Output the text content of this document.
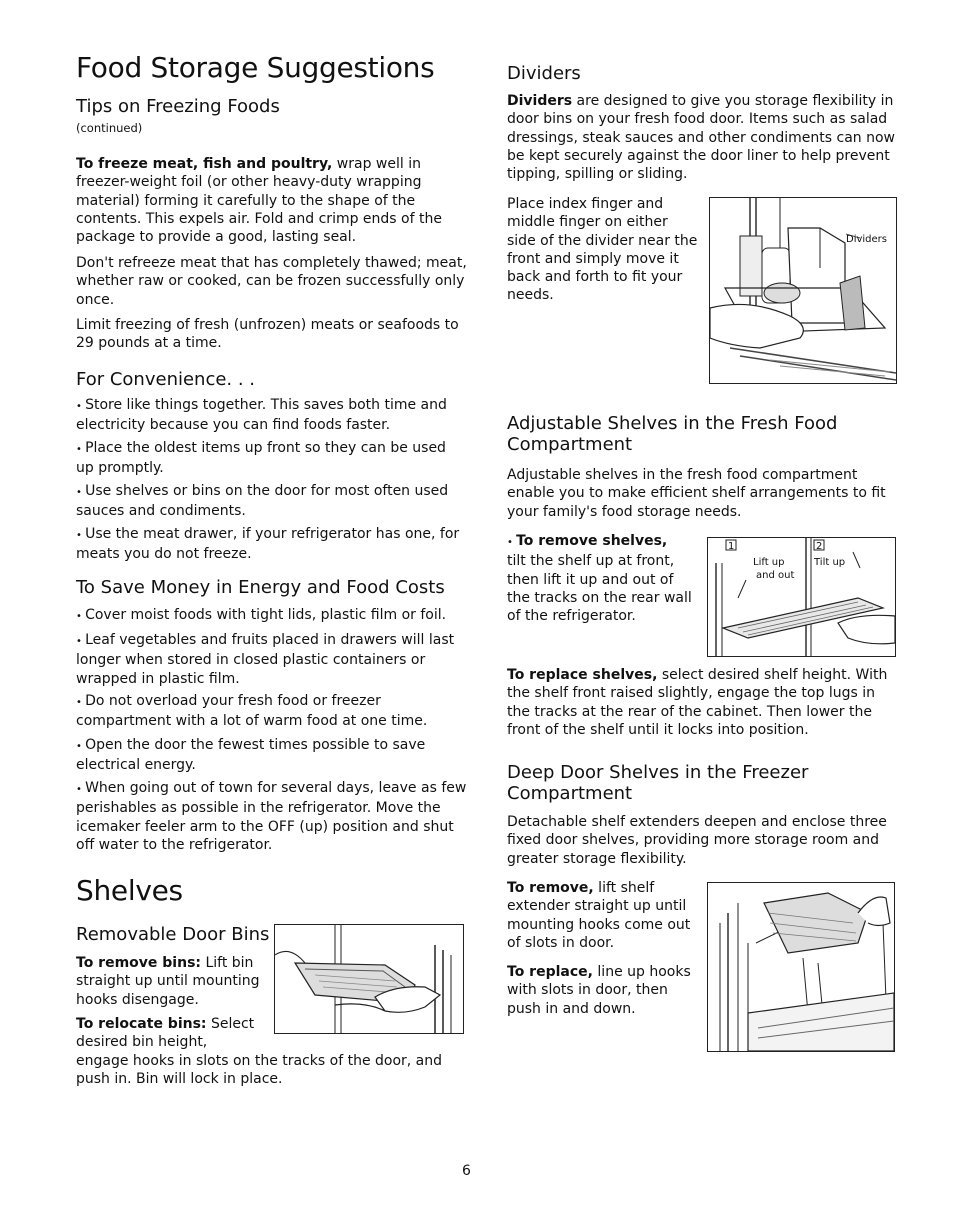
Food Storage Suggestions
Tips on Freezing Foods
(continued)

To freeze meat, fish and poultry, wrap well in freezer-weight foil (or other heavy-duty wrapping material) forming it carefully to the shape of the contents. This expels air. Fold and crimp ends of the package to provide a good, lasting seal.

Don't refreeze meat that has completely thawed; meat, whether raw or cooked, can be frozen successfully only once.

Limit freezing of fresh (unfrozen) meats or seafoods to 29 pounds at a time.

For Convenience. . .

• Store like things together. This saves both time and electricity because you can find foods faster.

• Place the oldest items up front so they can be used up promptly.

• Use shelves or bins on the door for most often used sauces and condiments.

• Use the meat drawer, if your refrigerator has one, for meats you do not freeze.

To Save Money in Energy and Food Costs

• Cover moist foods with tight lids, plastic film or foil.

• Leaf vegetables and fruits placed in drawers will last longer when stored in closed plastic containers or wrapped in plastic film.

• Do not overload your fresh food or freezer compartment with a lot of warm food at one time.

• Open the door the fewest times possible to save electrical energy.

• When going out of town for several days, leave as few perishables as possible in the refrigerator. Move the icemaker feeler arm to the OFF (up) position and shut off water to the refrigerator.

Shelves
Removable Door Bins

To remove bins: Lift bin straight up until mounting hooks disengage.

To relocate bins: Select desired bin height,

engage hooks in slots on the tracks of the door, and push in. Bin will lock in place.

Dividers

Dividers are designed to give you storage flexibility in door bins on your fresh food door. Items such as salad dressings, steak sauces and other condiments can now be kept securely against the door liner to help prevent tipping, spilling or sliding.

Place index finger and middle finger on either side of the divider near the front and simply move it back and forth to fit your needs.

Dividers
Adjustable Shelves in the Fresh Food Compartment

Adjustable shelves in the fresh food compartment enable you to make efficient shelf arrangements to fit your family's food storage needs.

• To remove shelves,
tilt the shelf up at front, then lift it up and out of the tracks on the rear wall of the refrigerator.

1	2
Lift up
and out
Tilt up

To replace shelves, select desired shelf height. With the shelf front raised slightly, engage the top lugs in the tracks at the rear of the cabinet. Then lower the front of the shelf until it locks into position.

Deep Door Shelves in the Freezer Compartment

Detachable shelf extenders deepen and enclose three fixed door shelves, providing more storage room and greater storage flexibility.

To remove, lift shelf extender straight up until mounting hooks come out of slots in door.

To replace, line up hooks with slots in door, then push in and down.

6
